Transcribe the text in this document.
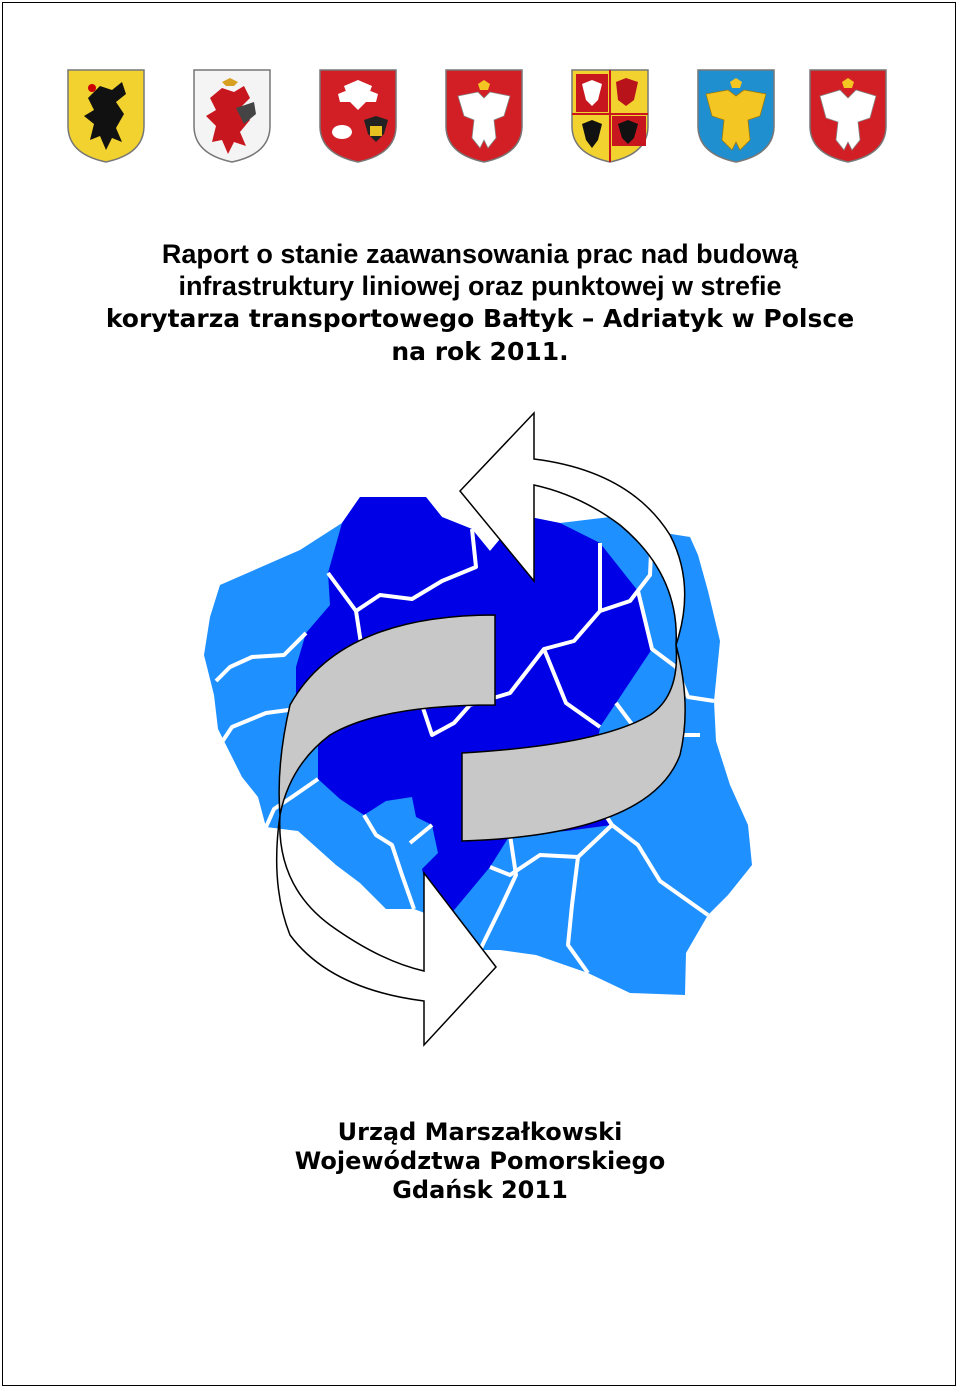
Raport o stanie zaawansowania prac nad budową
infrastruktury liniowej oraz punktowej w strefie
korytarza transportowego Bałtyk – Adriatyk w Polsce
na rok 2011.
Urząd Marszałkowski
Województwa Pomorskiego
Gdańsk 2011
